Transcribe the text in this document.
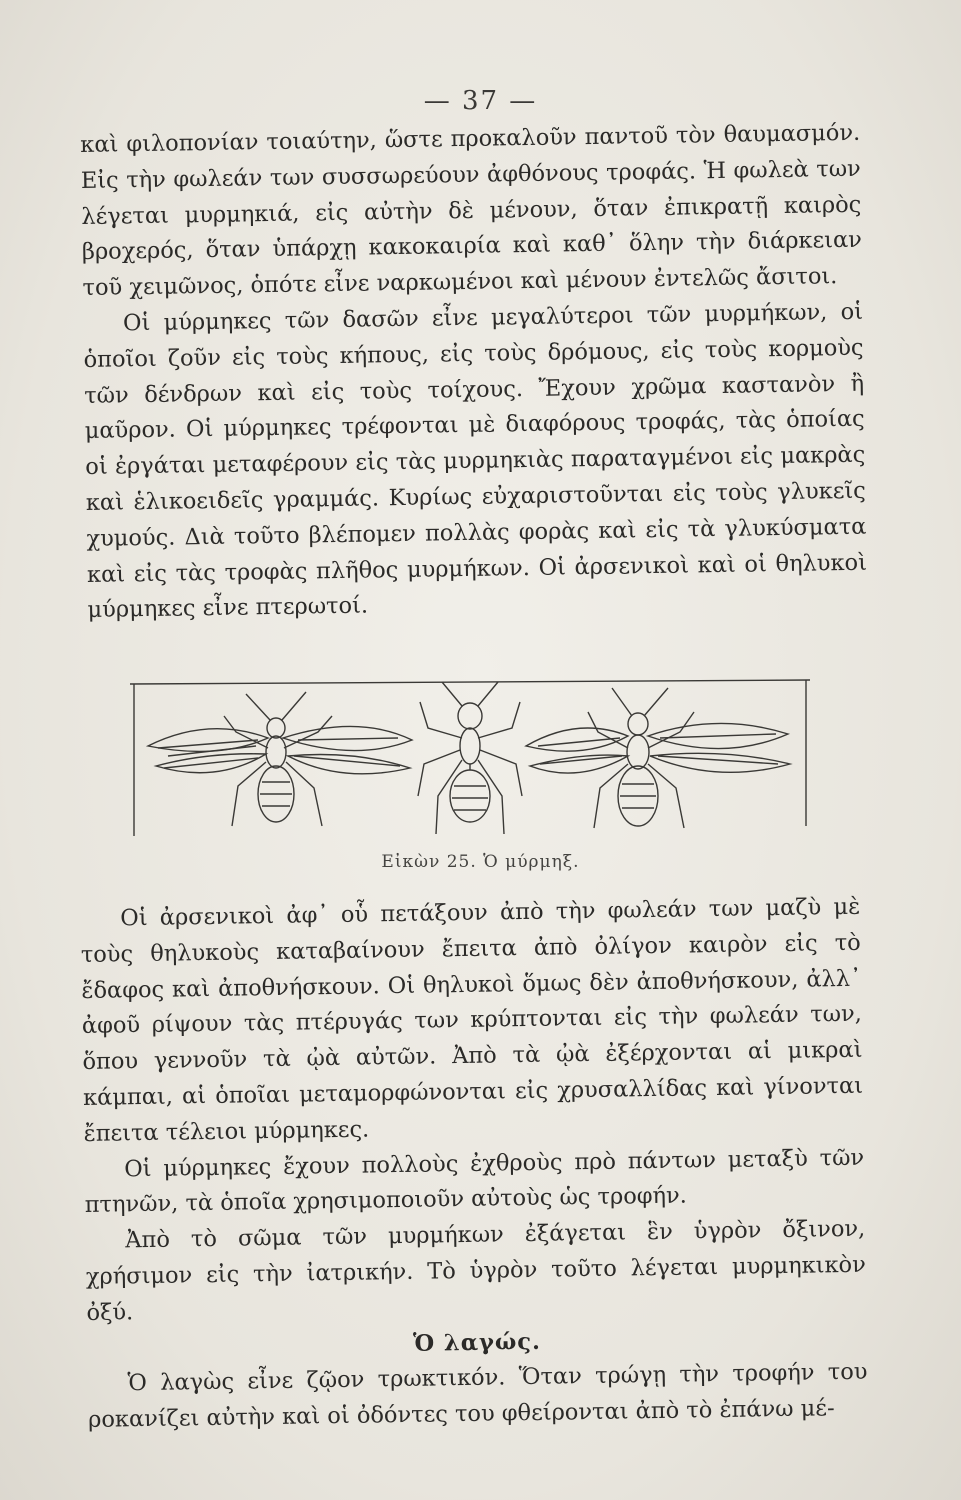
— 37 —

καὶ φιλοπονίαν τοιαύτην, ὥστε προκαλοῦν παντοῦ τὸν θαυμασμόν. Εἰς τὴν φωλεάν των συσσωρεύουν ἀφθόνους τροφάς. Ἡ φωλεὰ των λέγεται μυρμηκιά, εἰς αὐτὴν δὲ μένουν, ὅταν ἐπικρατῇ καιρὸς βροχερός, ὅταν ὑπάρχῃ κακοκαιρία καὶ καθ᾽ ὅλην τὴν διάρκειαν τοῦ χειμῶνος, ὁπότε εἶνε ναρκωμένοι καὶ μένουν ἐντελῶς ἄσιτοι.

Οἱ μύρμηκες τῶν δασῶν εἶνε μεγαλύτεροι τῶν μυρμήκων, οἱ ὁποῖοι ζοῦν εἰς τοὺς κήπους, εἰς τοὺς δρόμους, εἰς τοὺς κορμοὺς τῶν δένδρων καὶ εἰς τοὺς τοίχους. Ἔχουν χρῶμα καστανὸν ἢ μαῦρον. Οἱ μύρμηκες τρέφονται μὲ διαφόρους τροφάς, τὰς ὁποίας οἱ ἐργάται μεταφέρουν εἰς τὰς μυρμηκιὰς παραταγμένοι εἰς μακρὰς καὶ ἑλικοειδεῖς γραμμάς. Κυρίως εὐχαριστοῦνται εἰς τοὺς γλυκεῖς χυμούς. Διὰ τοῦτο βλέπομεν πολλὰς φορὰς καὶ εἰς τὰ γλυκύσματα καὶ εἰς τὰς τροφὰς πλῆθος μυρμήκων. Οἱ ἀρσενικοὶ καὶ οἱ θηλυκοὶ μύρμηκες εἶνε πτερωτοί.

Εἰκὼν 25. Ὁ μύρμηξ.

Οἱ ἀρσενικοὶ ἀφ᾽ οὗ πετάξουν ἀπὸ τὴν φωλεάν των μαζὺ μὲ τοὺς θηλυκοὺς καταβαίνουν ἔπειτα ἀπὸ ὀλίγον καιρὸν εἰς τὸ ἔδαφος καὶ ἀποθνήσκουν. Οἱ θηλυκοὶ ὅμως δὲν ἀποθνήσκουν, ἀλλ᾽ ἀφοῦ ρίψουν τὰς πτέρυγάς των κρύπτονται εἰς τὴν φωλεάν των, ὅπου γεννοῦν τὰ ᾠὰ αὐτῶν. Ἀπὸ τὰ ᾠὰ ἐξέρχονται αἱ μικραὶ κάμπαι, αἱ ὁποῖαι μεταμορφώνονται εἰς χρυσαλλίδας καὶ γίνονται ἔπειτα τέλειοι μύρμηκες.

Οἱ μύρμηκες ἔχουν πολλοὺς ἐχθροὺς πρὸ πάντων μεταξὺ τῶν πτηνῶν, τὰ ὁποῖα χρησιμοποιοῦν αὐτοὺς ὡς τροφήν.

Ἀπὸ τὸ σῶμα τῶν μυρμήκων ἐξάγεται ἓν ὑγρὸν ὄξινον, χρήσιμον εἰς τὴν ἰατρικήν. Τὸ ὑγρὸν τοῦτο λέγεται μυρμηκικὸν ὀξύ.

Ὁ λαγώς.

Ὁ λαγὼς εἶνε ζῷον τρωκτικόν. Ὅταν τρώγῃ τὴν τροφήν του ροκανίζει αὐτὴν καὶ οἱ ὀδόντες του φθείρονται ἀπὸ τὸ ἐπάνω μέ-
